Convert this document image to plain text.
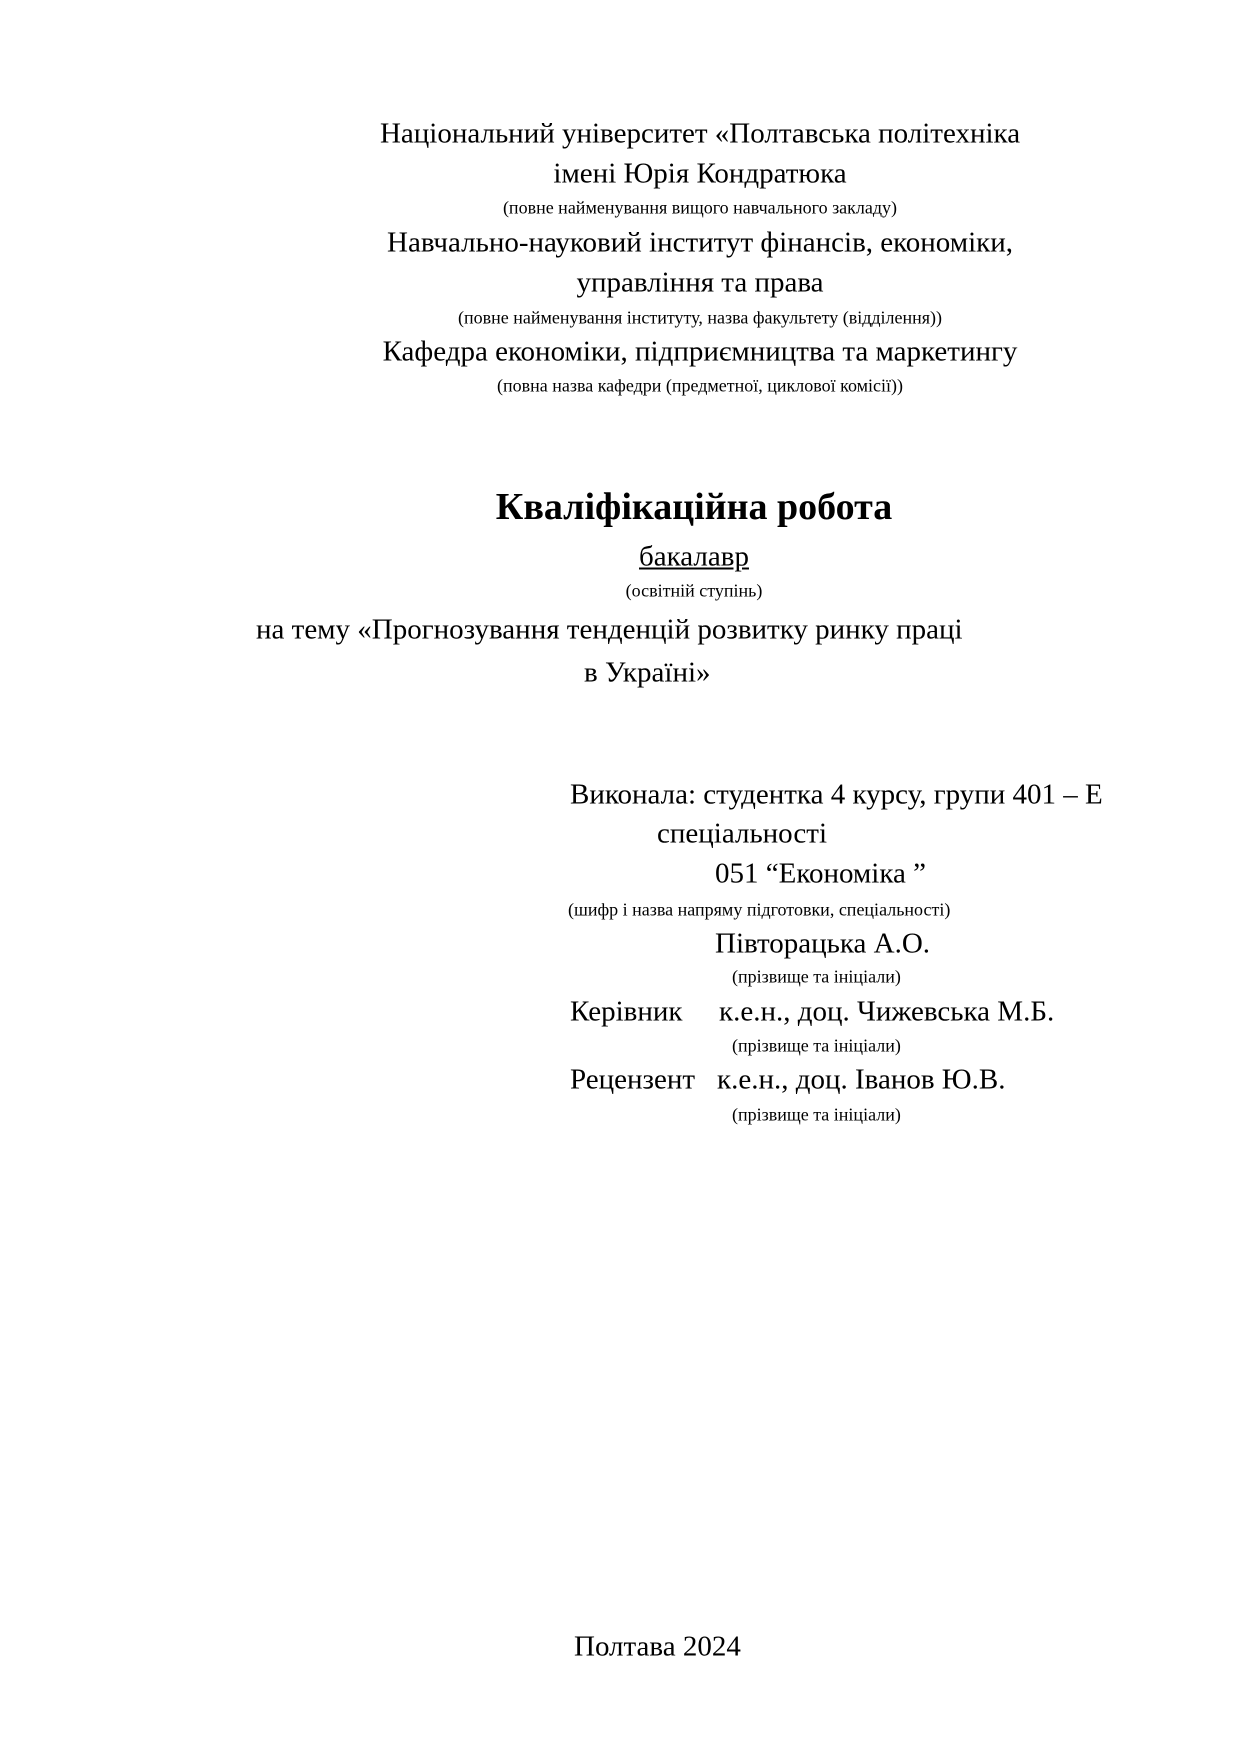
Національний університет «Полтавська політехніка
імені Юрія Кондратюка
(повне найменування вищого навчального закладу)
Навчально-науковий інститут фінансів, економіки,
управління та права
(повне найменування інституту, назва факультету (відділення))
Кафедра економіки, підприємництва та маркетингу
(повна назва кафедри (предметної, циклової комісії))
Кваліфікаційна робота
бакалавр
(освітній ступінь)
на тему «Прогнозування тенденцій розвитку ринку праці
в Україні»
Виконала: студентка 4 курсу, групи 401 – Е
спеціальності
051 “Економіка ”
(шифр і назва напряму підготовки, спеціальності)
Півторацька А.О.
(прізвище та ініціали)
Керівник к.е.н., доц. Чижевська М.Б.
(прізвище та ініціали)
Рецензент к.е.н., доц. Іванов Ю.В.
(прізвище та ініціали)
Полтава 2024
